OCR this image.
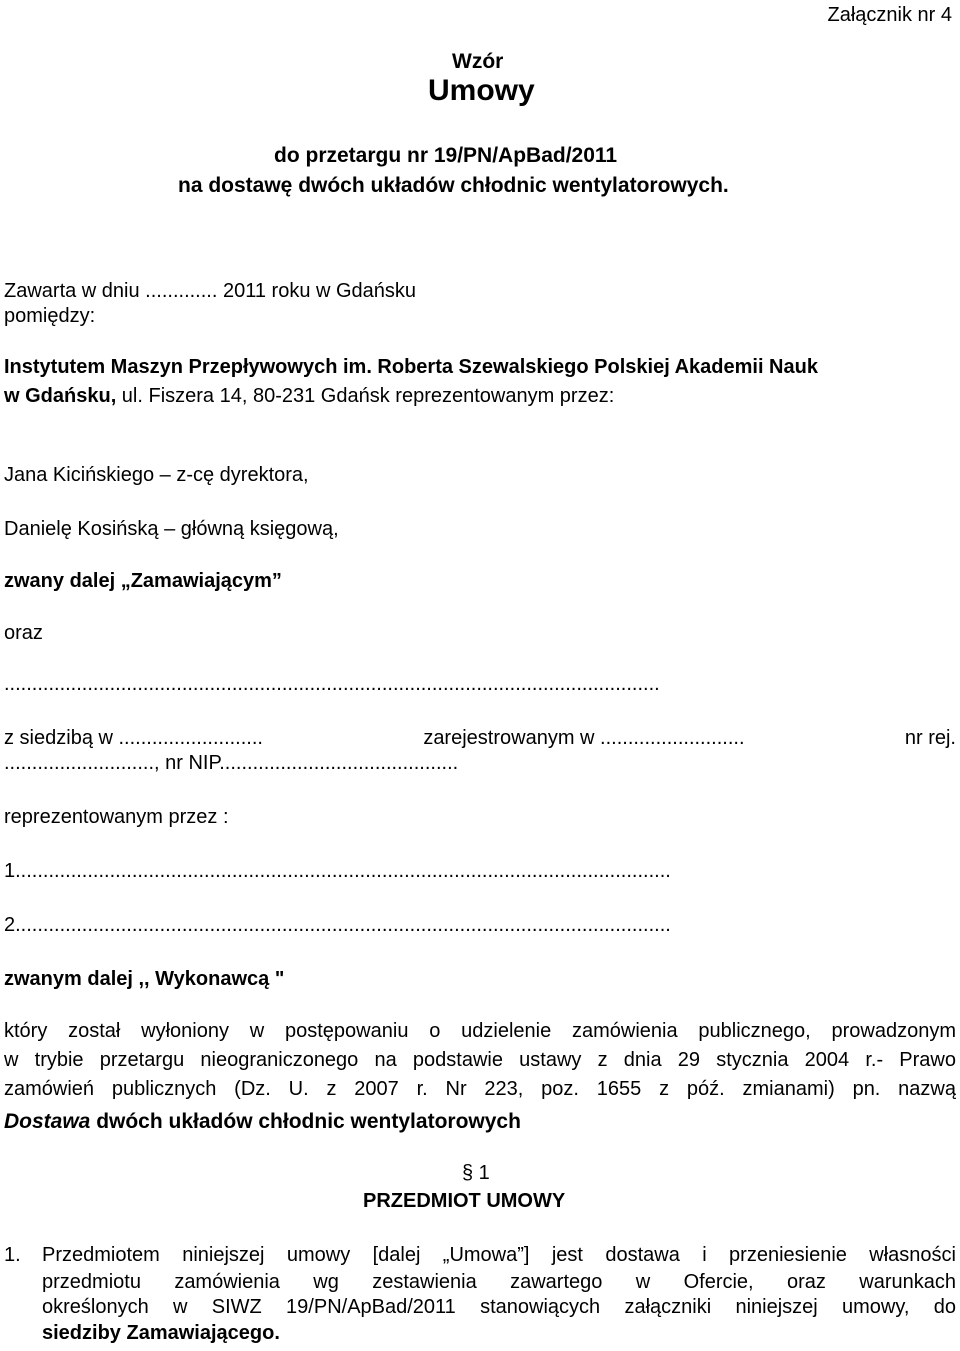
Załącznik nr 4
Wzór
Umowy
do przetargu nr 19/PN/ApBad/2011
na dostawę dwóch układów chłodnic wentylatorowych.
Zawarta w dniu ............. 2011 roku w Gdańsku
pomiędzy:
Instytutem Maszyn Przepływowych im. Roberta Szewalskiego Polskiej Akademii Nauk
w Gdańsku, ul. Fiszera 14, 80-231 Gdańsk reprezentowanym przez:
Jana Kicińskiego – z-cę dyrektora,
Danielę Kosińską – główną księgową,
zwany dalej „Zamawiającym”
oraz
......................................................................................................................
z siedzibą w ..........................	zarejestrowanym w ..........................	nr rej.
..........................., nr NIP...........................................
reprezentowanym przez :
1......................................................................................................................
2......................................................................................................................
zwanym dalej ,, Wykonawcą "
który został wyłoniony w postępowaniu o udzielenie zamówienia publicznego, prowadzonym
w trybie przetargu nieograniczonego na podstawie ustawy z dnia 29 stycznia 2004 r.- Prawo
zamówień publicznych (Dz. U. z 2007 r. Nr 223, poz. 1655 z póź. zmianami) pn. nazwą
Dostawa dwóch układów chłodnic wentylatorowych
§ 1
PRZEDMIOT UMOWY
1. Przedmiotem niniejszej umowy [dalej „Umowa”] jest dostawa i przeniesienie własności
przedmiotu zamówienia wg zestawienia zawartego w Ofercie, oraz warunkach
określonych w SIWZ 19/PN/ApBad/2011 stanowiących załączniki niniejszej umowy, do
siedziby Zamawiającego.
